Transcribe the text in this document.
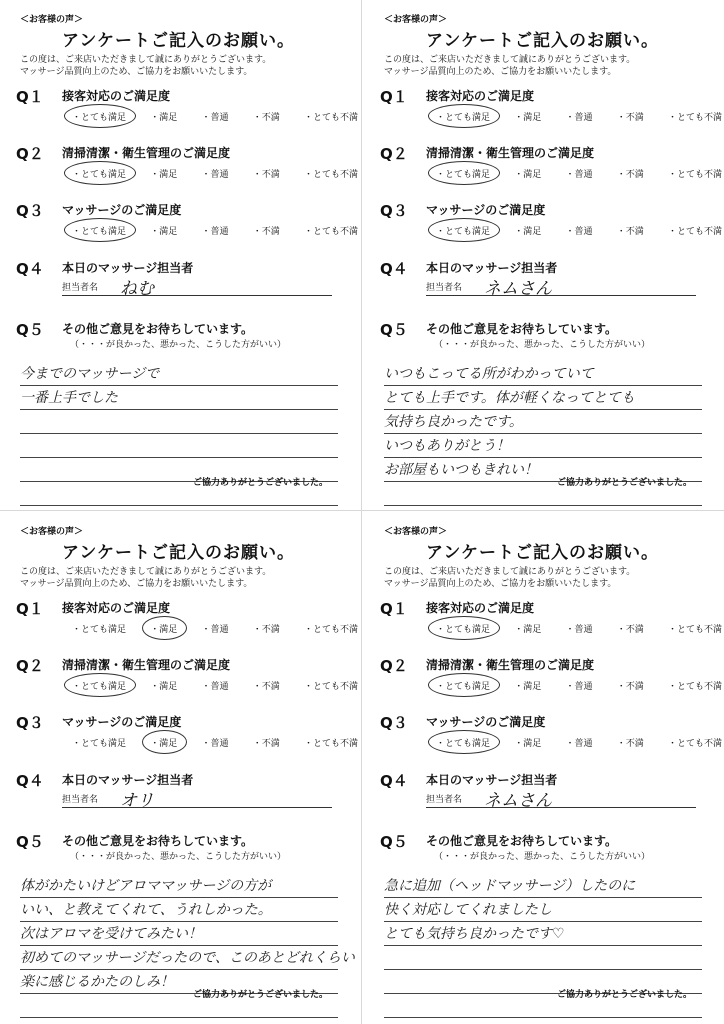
＜お客様の声＞
アンケートご記入のお願い。
この度は、ご来店いただきまして誠にありがとうございます。
マッサージ品質向上のため、ご協力をお願いいたします。
Q１ 接客対応のご満足度
・とても満足	・満足	・普通	・不満	・とても不満
Q２ 清掃清潔・衛生管理のご満足度
・とても満足	・満足	・普通	・不満	・とても不満
Q３ マッサージのご満足度
・とても満足	・満足	・普通	・不満	・とても不満
Q４ 本日のマッサージ担当者
担当者名 ねむ
Q５ その他ご意見をお待ちしています。
（・・・が良かった、悪かった、こうした方がいい）
今までのマッサージで
一番上手でした
ご協力ありがとうございました。
＜お客様の声＞
アンケートご記入のお願い。
この度は、ご来店いただきまして誠にありがとうございます。
マッサージ品質向上のため、ご協力をお願いいたします。
Q１ 接客対応のご満足度
・とても満足	・満足	・普通	・不満	・とても不満
Q２ 清掃清潔・衛生管理のご満足度
・とても満足	・満足	・普通	・不満	・とても不満
Q３ マッサージのご満足度
・とても満足	・満足	・普通	・不満	・とても不満
Q４ 本日のマッサージ担当者
担当者名 ネムさん
Q５ その他ご意見をお待ちしています。
（・・・が良かった、悪かった、こうした方がいい）
いつもこってる所がわかっていて
とても上手です。体が軽くなってとても
気持ち良かったです。
いつもありがとう！
お部屋もいつもきれい！
ご協力ありがとうございました。
＜お客様の声＞
アンケートご記入のお願い。
この度は、ご来店いただきまして誠にありがとうございます。
マッサージ品質向上のため、ご協力をお願いいたします。
Q１ 接客対応のご満足度
・とても満足	・満足	・普通	・不満	・とても不満
Q２ 清掃清潔・衛生管理のご満足度
・とても満足	・満足	・普通	・不満	・とても不満
Q３ マッサージのご満足度
・とても満足	・満足	・普通	・不満	・とても不満
Q４ 本日のマッサージ担当者
担当者名 オリ
Q５ その他ご意見をお待ちしています。
（・・・が良かった、悪かった、こうした方がいい）
体がかたいけどアロママッサージの方が
いい、と教えてくれて、うれしかった。
次はアロマを受けてみたい！
初めてのマッサージだったので、このあとどれくらい
楽に感じるかたのしみ！
ご協力ありがとうございました。
＜お客様の声＞
アンケートご記入のお願い。
この度は、ご来店いただきまして誠にありがとうございます。
マッサージ品質向上のため、ご協力をお願いいたします。
Q１ 接客対応のご満足度
・とても満足	・満足	・普通	・不満	・とても不満
Q２ 清掃清潔・衛生管理のご満足度
・とても満足	・満足	・普通	・不満	・とても不満
Q３ マッサージのご満足度
・とても満足	・満足	・普通	・不満	・とても不満
Q４ 本日のマッサージ担当者
担当者名 ネムさん
Q５ その他ご意見をお待ちしています。
（・・・が良かった、悪かった、こうした方がいい）
急に追加（ヘッドマッサージ）したのに
快く対応してくれましたし
とても気持ち良かったです♡
ご協力ありがとうございました。
